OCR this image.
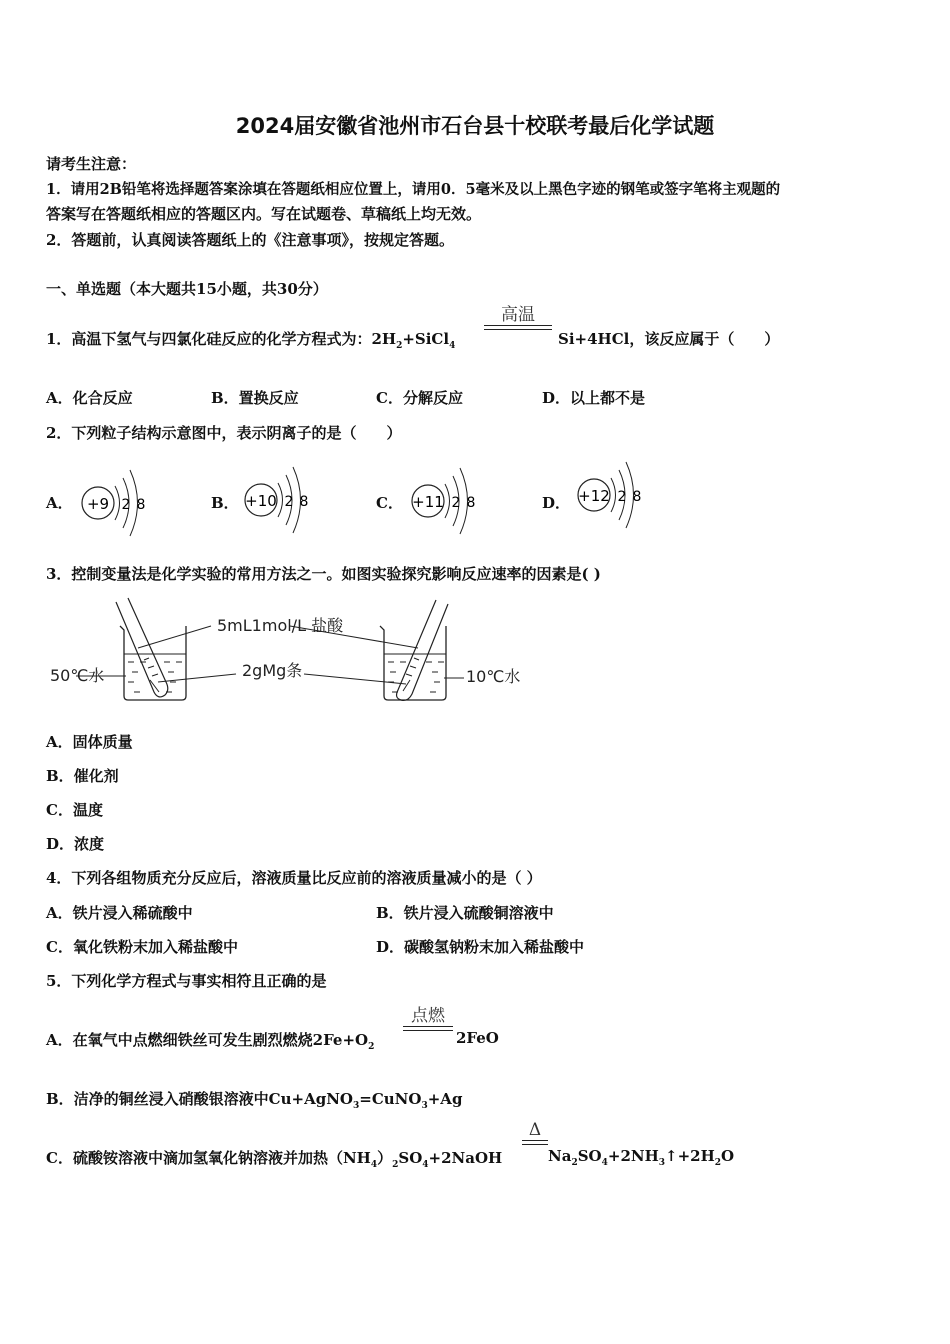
2024届安徽省池州市石台县十校联考最后化学试题
请考生注意：
1．请用2B铅笔将选择题答案涂填在答题纸相应位置上，请用0．5毫米及以上黑色字迹的钢笔或签字笔将主观题的
答案写在答题纸相应的答题区内。写在试题卷、草稿纸上均无效。
2．答题前，认真阅读答题纸上的《注意事项》，按规定答题。
一、单选题（本大题共15小题，共30分）
1．高温下氢气与四氯化硅反应的化学方程式为：$2H_2+SiCl_4$
高温
Si+4HCl，该反应属于（　　）
A．化合反应	B．置换反应	C．分解反应	D．以上都不是
2．下列粒子结构示意图中，表示阴离子的是（　　）
A． +9 2 8	B． +10 2 8	C． +11 2 8	D． +12 2 8
3．控制变量法是化学实验的常用方法之一。如图实验探究影响反应速率的因素是( )
5mL1mol/L 盐酸
2gMg条
50℃水	10℃水
A．固体质量
B．催化剂
C．温度
D．浓度
4．下列各组物质充分反应后，溶液质量比反应前的溶液质量减小的是（ ）
A．铁片浸入稀硫酸中	B．铁片浸入硫酸铜溶液中
C．氧化铁粉末加入稀盐酸中	D．碳酸氢钠粉末加入稀盐酸中
5．下列化学方程式与事实相符且正确的是
A．在氧气中点燃细铁丝可发生剧烈燃烧$2Fe+O_2$
点燃
2FeO
B．洁净的铜丝浸入硝酸银溶液中Cu+AgNO$_3$=CuNO$_3$+Ag
C．硫酸铵溶液中滴加氢氧化钠溶液并加热$(NH_4)_2SO_4+2NaOH$
Δ
$Na_2SO_4+2NH_3↑+2H_2O$
